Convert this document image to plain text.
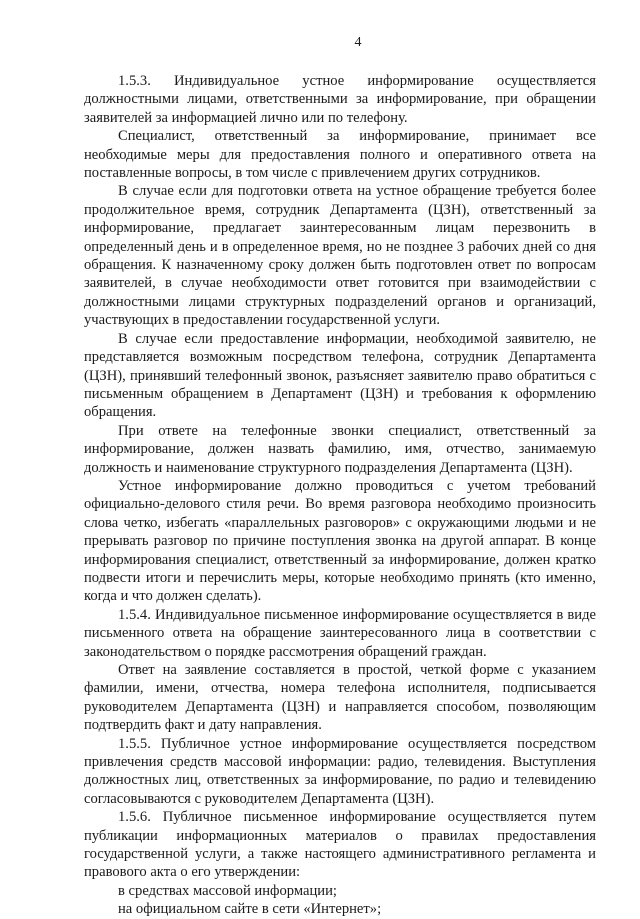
4

1.5.3. Индивидуальное устное информирование осуществляется должностными лицами, ответственными за информирование, при обращении заявителей за информацией лично или по телефону.

Специалист, ответственный за информирование, принимает все необходимые меры для предоставления полного и оперативного ответа на поставленные вопросы, в том числе с привлечением других сотрудников.

В случае если для подготовки ответа на устное обращение требуется более продолжительное время, сотрудник Департамента (ЦЗН), ответственный за информирование, предлагает заинтересованным лицам перезвонить в определенный день и в определенное время, но не позднее 3 рабочих дней со дня обращения. К назначенному сроку должен быть подготовлен ответ по вопросам заявителей, в случае необходимости ответ готовится при взаимодействии с должностными лицами структурных подразделений органов и организаций, участвующих в предоставлении государственной услуги.

В случае если предоставление информации, необходимой заявителю, не представляется возможным посредством телефона, сотрудник Департамента (ЦЗН), принявший телефонный звонок, разъясняет заявителю право обратиться с письменным обращением в Департамент (ЦЗН) и требования к оформлению обращения.

При ответе на телефонные звонки специалист, ответственный за информирование, должен назвать фамилию, имя, отчество, занимаемую должность и наименование структурного подразделения Департамента (ЦЗН).

Устное информирование должно проводиться с учетом требований официально-делового стиля речи. Во время разговора необходимо произносить слова четко, избегать «параллельных разговоров» с окружающими людьми и не прерывать разговор по причине поступления звонка на другой аппарат. В конце информирования специалист, ответственный за информирование, должен кратко подвести итоги и перечислить меры, которые необходимо принять (кто именно, когда и что должен сделать).

1.5.4. Индивидуальное письменное информирование осуществляется в виде письменного ответа на обращение заинтересованного лица в соответствии с законодательством о порядке рассмотрения обращений граждан.

Ответ на заявление составляется в простой, четкой форме с указанием фамилии, имени, отчества, номера телефона исполнителя, подписывается руководителем Департамента (ЦЗН) и направляется способом, позволяющим подтвердить факт и дату направления.

1.5.5. Публичное устное информирование осуществляется посредством привлечения средств массовой информации: радио, телевидения. Выступления должностных лиц, ответственных за информирование, по радио и телевидению согласовываются с руководителем Департамента (ЦЗН).

1.5.6. Публичное письменное информирование осуществляется путем публикации информационных материалов о правилах предоставления государственной услуги, а также настоящего административного регламента и правового акта о его утверждении:

в средствах массовой информации;

на официальном сайте в сети «Интернет»;
